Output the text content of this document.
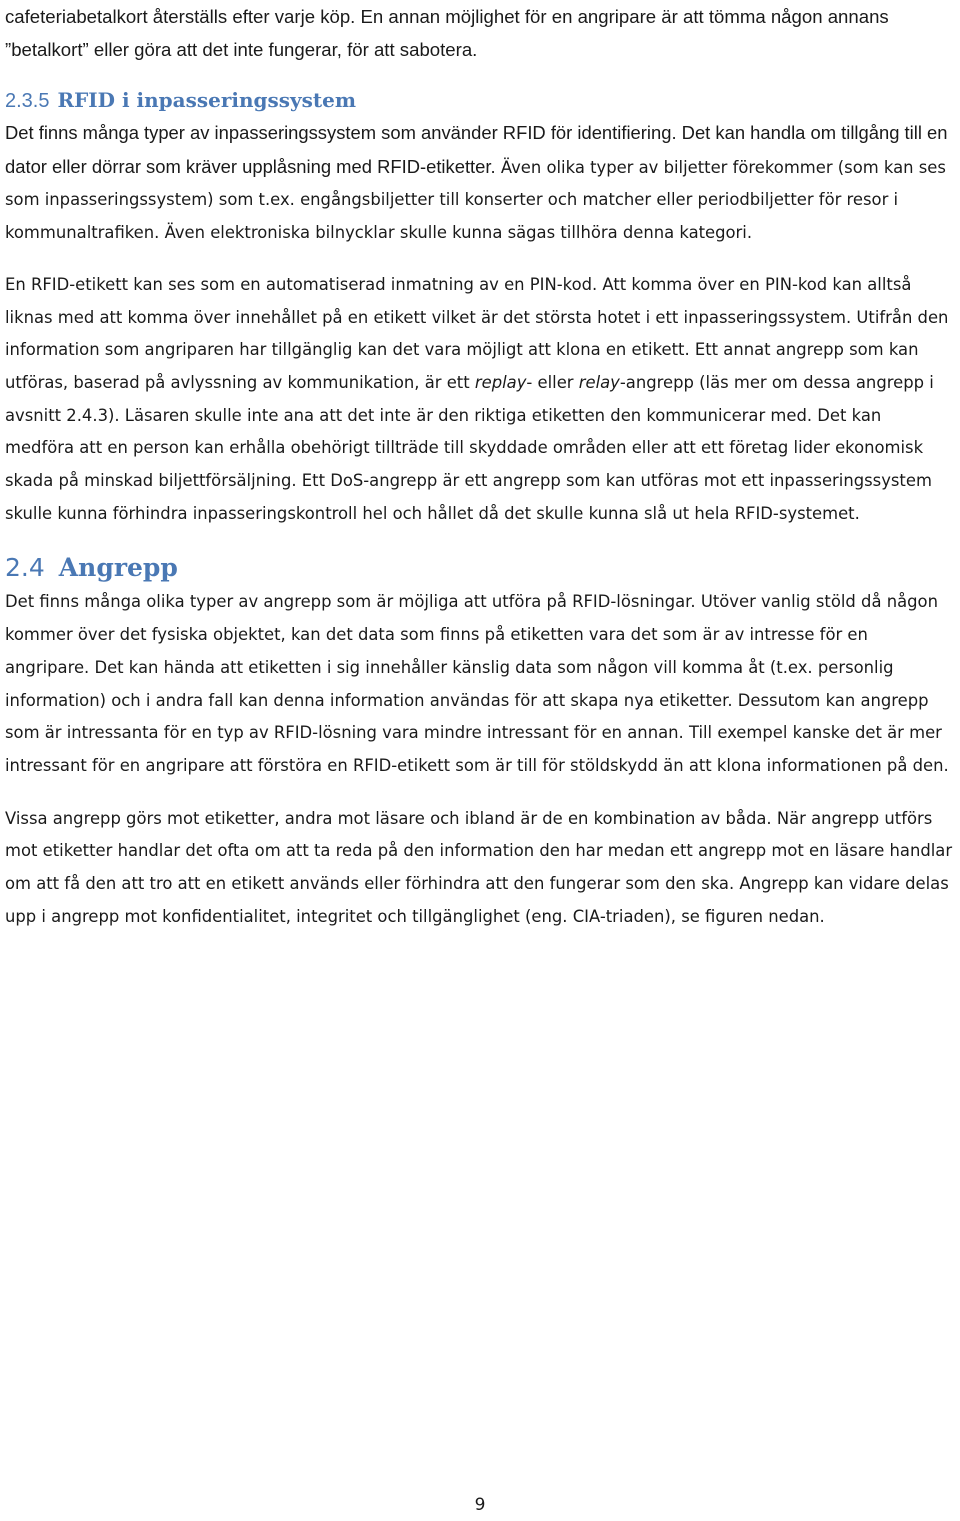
cafeteriabetalkort återställs efter varje köp. En annan möjlighet för en angripare är att tömma någon annans ”betalkort” eller göra att det inte fungerar, för att sabotera.

2.3.5 RFID i inpasseringssystem

Det finns många typer av inpasseringssystem som använder RFID för identifiering. Det kan handla om tillgång till en dator eller dörrar som kräver upplåsning med RFID-etiketter. Även olika typer av biljetter förekommer (som kan ses som inpasseringssystem) som t.ex. engångsbiljetter till konserter och matcher eller periodbiljetter för resor i kommunaltrafiken. Även elektroniska bilnycklar skulle kunna sägas tillhöra denna kategori.

En RFID-etikett kan ses som en automatiserad inmatning av en PIN-kod. Att komma över en PIN-kod kan alltså liknas med att komma över innehållet på en etikett vilket är det största hotet i ett inpasseringssystem. Utifrån den information som angriparen har tillgänglig kan det vara möjligt att klona en etikett. Ett annat angrepp som kan utföras, baserad på avlyssning av kommunikation, är ett replay- eller relay-angrepp (läs mer om dessa angrepp i avsnitt 2.4.3). Läsaren skulle inte ana att det inte är den riktiga etiketten den kommunicerar med. Det kan medföra att en person kan erhålla obehörigt tillträde till skyddade områden eller att ett företag lider ekonomisk skada på minskad biljettförsäljning. Ett DoS-angrepp är ett angrepp som kan utföras mot ett inpasseringssystem skulle kunna förhindra inpasseringskontroll hel och hållet då det skulle kunna slå ut hela RFID-systemet.

2.4 Angrepp

Det finns många olika typer av angrepp som är möjliga att utföra på RFID-lösningar. Utöver vanlig stöld då någon kommer över det fysiska objektet, kan det data som finns på etiketten vara det som är av intresse för en angripare. Det kan hända att etiketten i sig innehåller känslig data som någon vill komma åt (t.ex. personlig information) och i andra fall kan denna information användas för att skapa nya etiketter. Dessutom kan angrepp som är intressanta för en typ av RFID-lösning vara mindre intressant för en annan. Till exempel kanske det är mer intressant för en angripare att förstöra en RFID-etikett som är till för stöldskydd än att klona informationen på den.

Vissa angrepp görs mot etiketter, andra mot läsare och ibland är de en kombination av båda. När angrepp utförs mot etiketter handlar det ofta om att ta reda på den information den har medan ett angrepp mot en läsare handlar om att få den att tro att en etikett används eller förhindra att den fungerar som den ska. Angrepp kan vidare delas upp i angrepp mot konfidentialitet, integritet och tillgänglighet (eng. CIA-triaden), se figuren nedan.

9
